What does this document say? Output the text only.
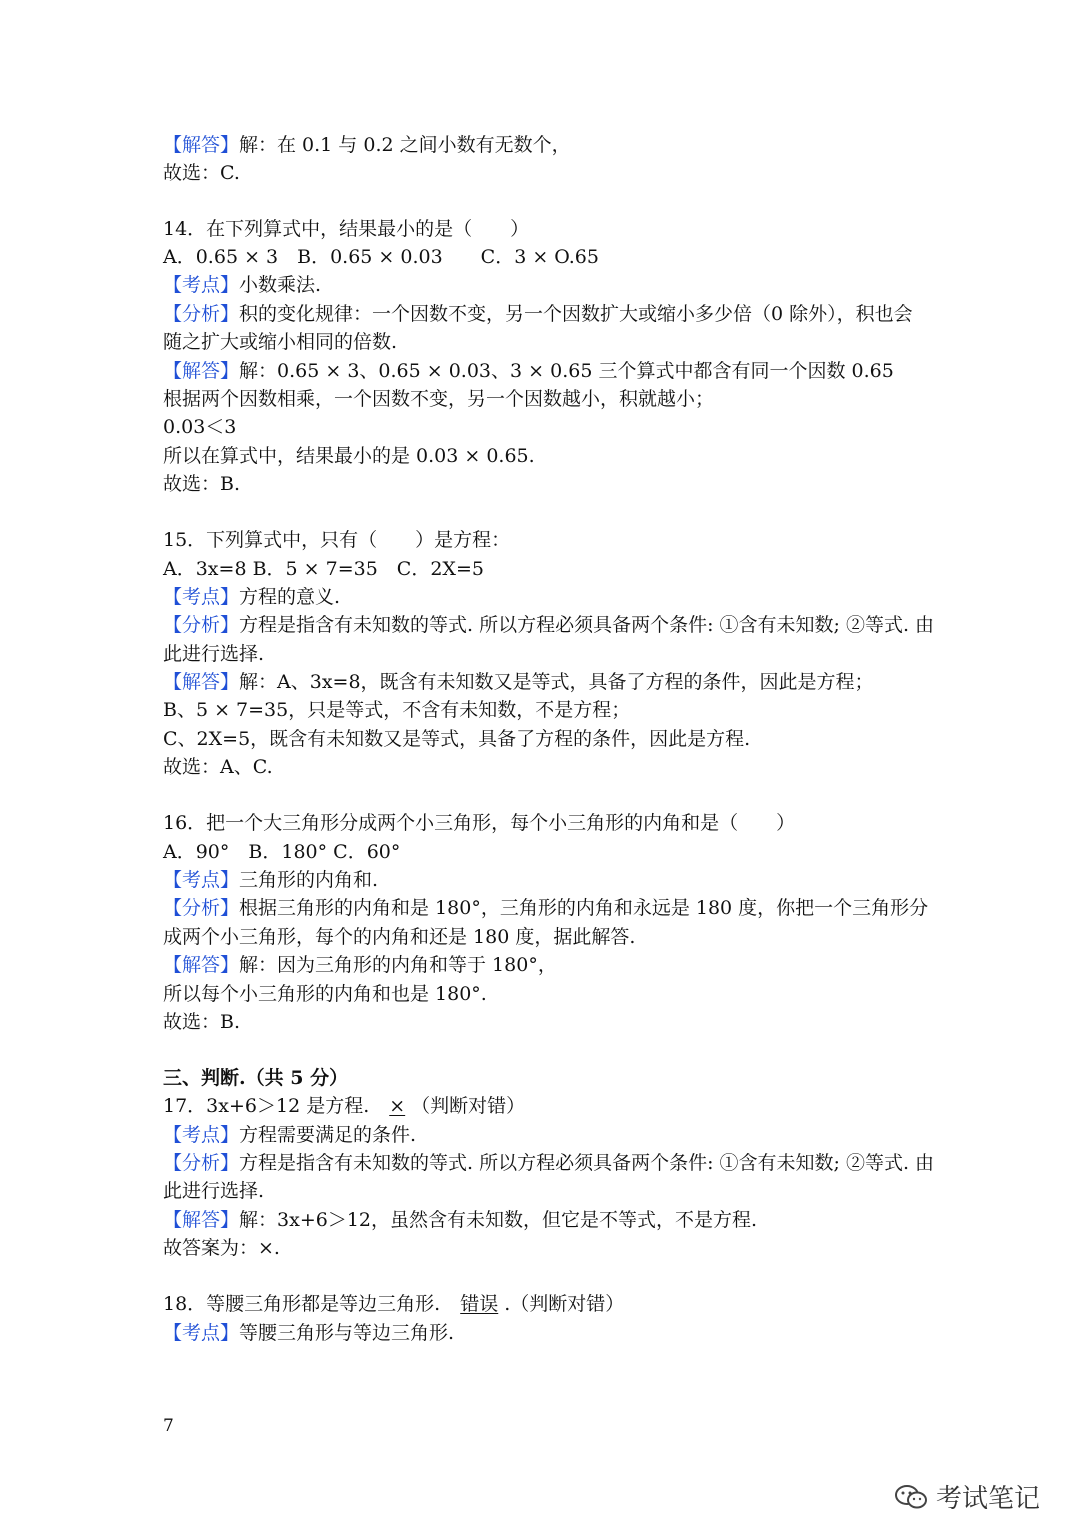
【解答】解：在 0.1 与 0.2 之间小数有无数个，
故选：C.
14．在下列算式中，结果最小的是（　　）
A．0.65 × 3　B．0.65 × 0.03　　C．3 × O.65
【考点】小数乘法.
【分析】积的变化规律：一个因数不变，另一个因数扩大或缩小多少倍（0 除外），积也会
随之扩大或缩小相同的倍数.
【解答】解：0.65 × 3、0.65 × 0.03、3 × 0.65 三个算式中都含有同一个因数 0.65
根据两个因数相乘，一个因数不变，另一个因数越小，积就越小；
0.03＜3
所以在算式中，结果最小的是 0.03 × 0.65.
故选：B.
15．下列算式中，只有（　　）是方程：
A．3x=8 B．5 × 7=35　C．2X=5
【考点】方程的意义.
【分析】方程是指含有未知数的等式. 所以方程必须具备两个条件: ①含有未知数; ②等式. 由
此进行选择.
【解答】解：A、3x=8，既含有未知数又是等式，具备了方程的条件，因此是方程；
B、5 × 7=35，只是等式，不含有未知数，不是方程；
C、2X=5，既含有未知数又是等式，具备了方程的条件，因此是方程.
故选：A、C.
16．把一个大三角形分成两个小三角形，每个小三角形的内角和是（　　）
A．90°　B．180° C．60°
【考点】三角形的内角和.
【分析】根据三角形的内角和是 180°，三角形的内角和永远是 180 度，你把一个三角形分
成两个小三角形，每个的内角和还是 180 度，据此解答.
【解答】解：因为三角形的内角和等于 180°，
所以每个小三角形的内角和也是 180°.
故选：B.
三、判断.（共 5 分）
17．3x+6＞12 是方程. × （判断对错）
【考点】方程需要满足的条件.
【分析】方程是指含有未知数的等式. 所以方程必须具备两个条件: ①含有未知数; ②等式. 由
此进行选择.
【解答】解：3x+6＞12，虽然含有未知数，但它是不等式，不是方程.
故答案为：×.
18．等腰三角形都是等边三角形. 错误 .（判断对错）
【考点】等腰三角形与等边三角形.
7
考试笔记
